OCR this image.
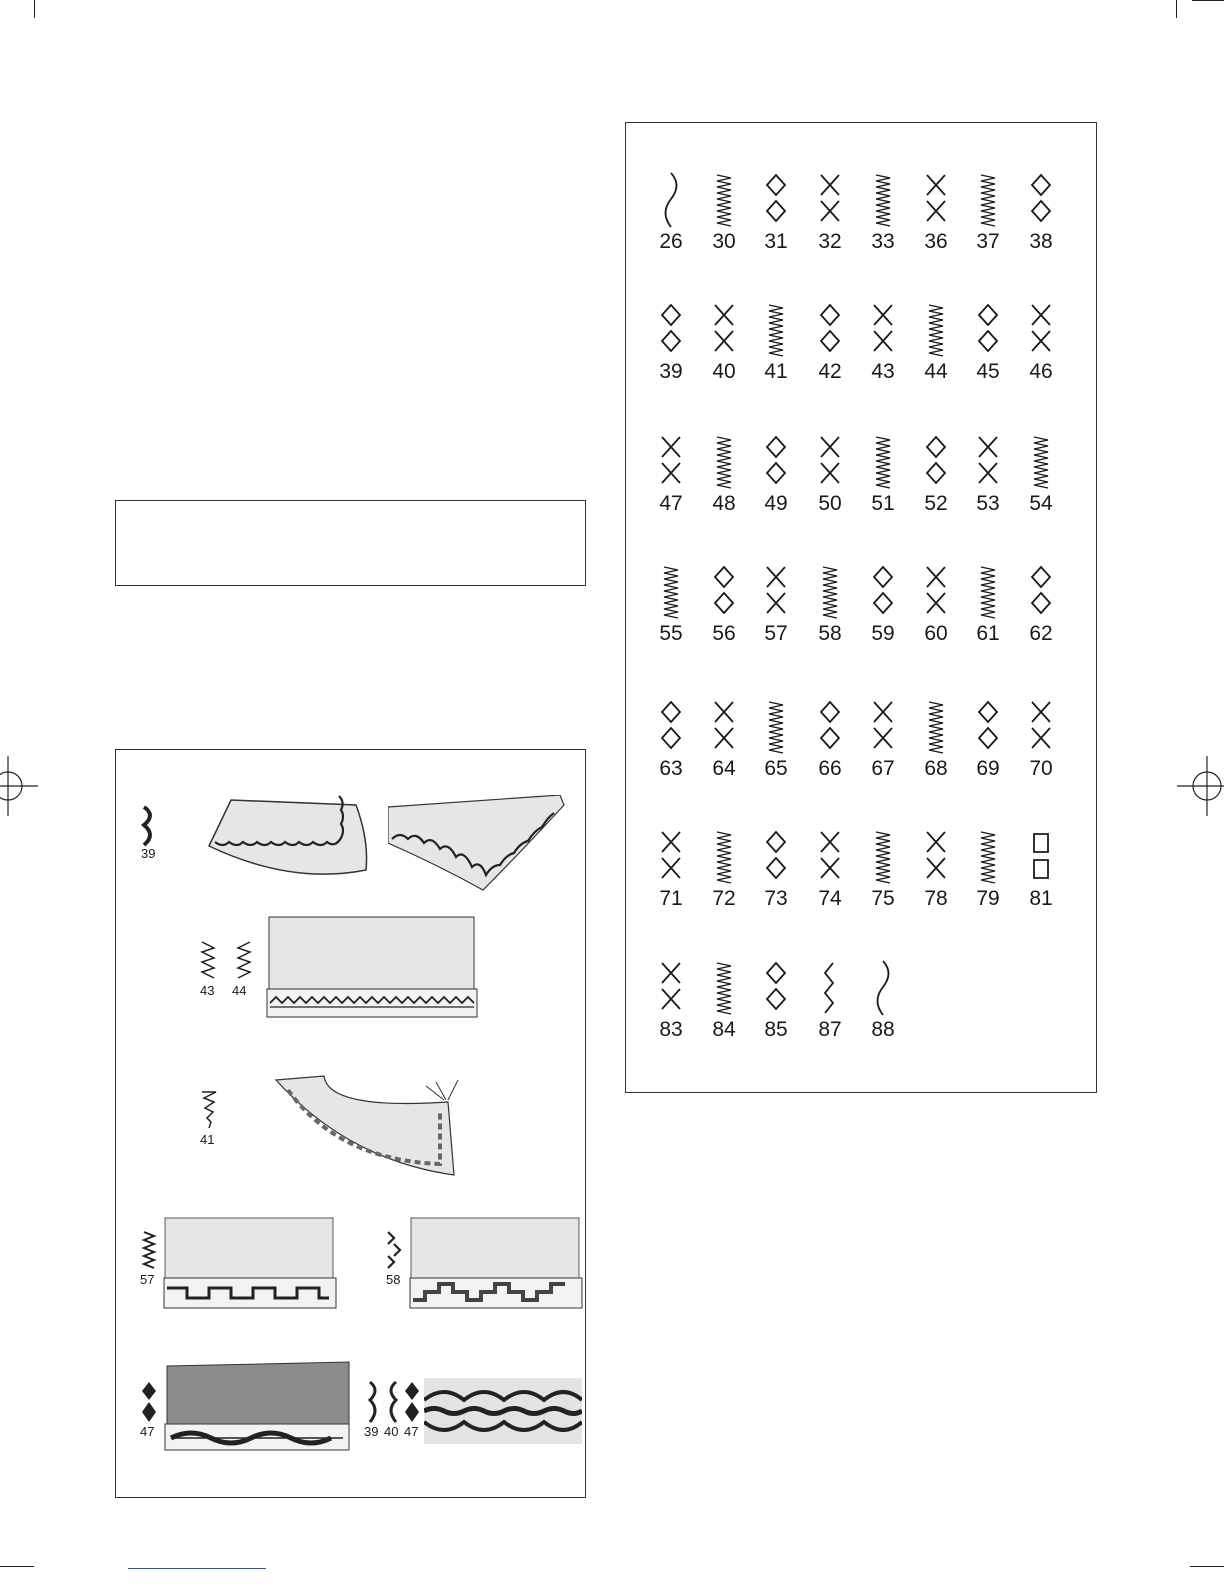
26	30	31	32	33	36	37	38
39	40	41	42	43	44	45	46
47	48	49	50	51	52	53	54
55	56	57	58	59	60	61	62
63	64	65	66	67	68	69	70
71	72	73	74	75	78	79	81
83	84	85	87	88
39
43 44
41
57	58
47	39 40 47
